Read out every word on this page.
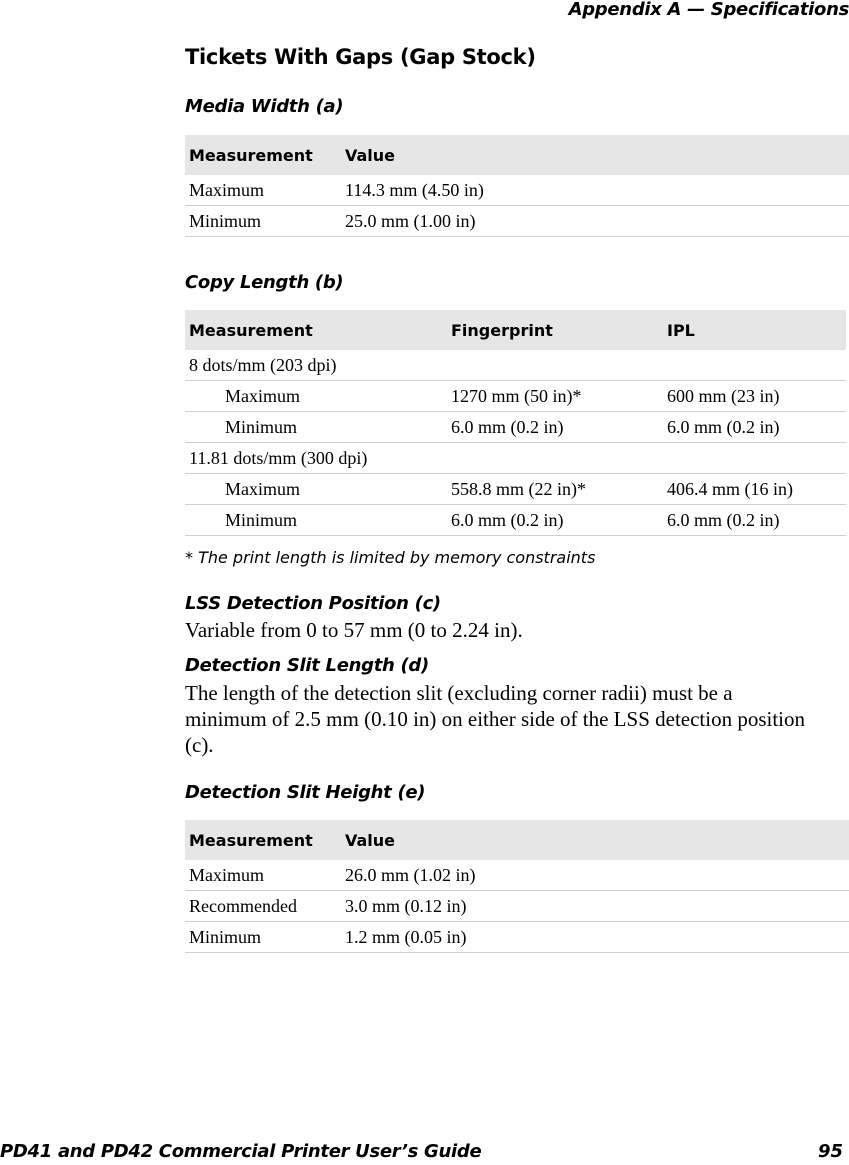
Appendix A — Specifications
Tickets With Gaps (Gap Stock)
Media Width (a)
Measurement	Value
Maximum	114.3 mm (4.50 in)
Minimum	25.0 mm (1.00 in)
Copy Length (b)
Measurement	Fingerprint	IPL
8 dots/mm (203 dpi)		
Maximum	1270 mm (50 in)*	600 mm (23 in)
Minimum	6.0 mm (0.2 in)	6.0 mm (0.2 in)
11.81 dots/mm (300 dpi)		
Maximum	558.8 mm (22 in)*	406.4 mm (16 in)
Minimum	6.0 mm (0.2 in)	6.0 mm (0.2 in)
* The print length is limited by memory constraints
LSS Detection Position (c)
Variable from 0 to 57 mm (0 to 2.24 in).
Detection Slit Length (d)
The length of the detection slit (excluding corner radii) must be a minimum of 2.5 mm (0.10 in) on either side of the LSS detection position (c).
Detection Slit Height (e)
Measurement	Value
Maximum	26.0 mm (1.02 in)
Recommended	3.0 mm (0.12 in)
Minimum	1.2 mm (0.05 in)
PD41 and PD42 Commercial Printer User’s Guide	95
